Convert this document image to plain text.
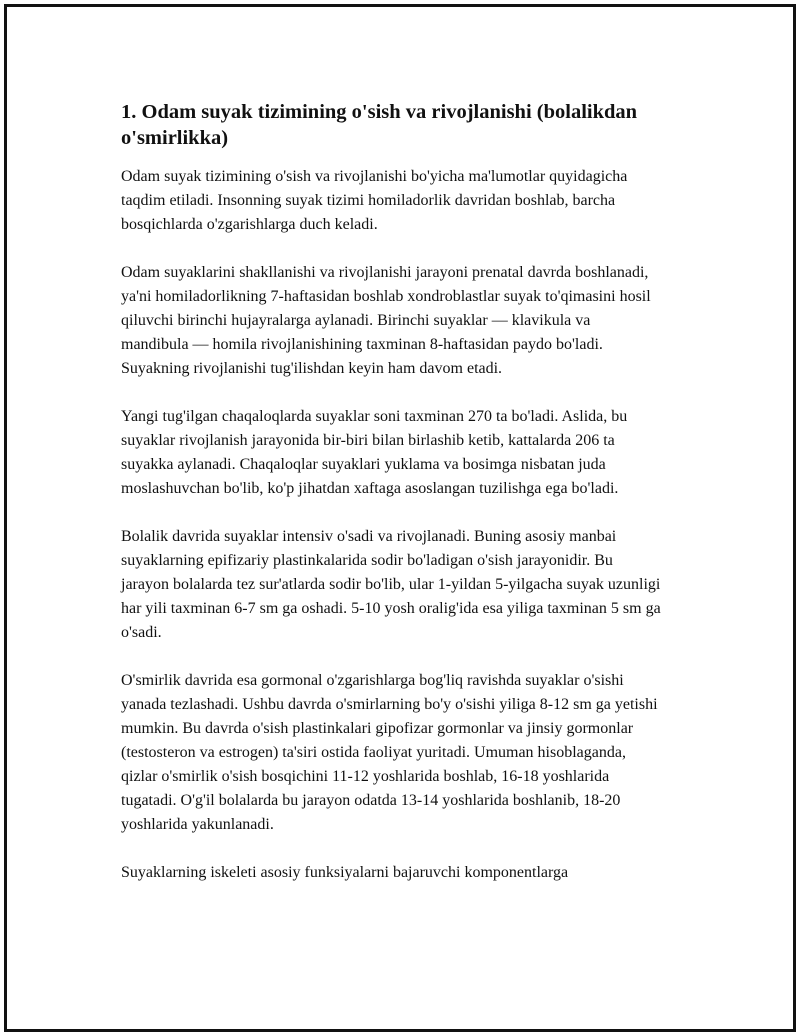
1. Odam suyak tizimining o'sish va rivojlanishi (bolalikdan o'smirlikka)

Odam suyak tizimining o'sish va rivojlanishi bo'yicha ma'lumotlar quyidagicha taqdim etiladi. Insonning suyak tizimi homiladorlik davridan boshlab, barcha bosqichlarda o'zgarishlarga duch keladi.

Odam suyaklarini shakllanishi va rivojlanishi jarayoni prenatal davrda boshlanadi, ya'ni homiladorlikning 7-haftasidan boshlab xondroblastlar suyak to'qimasini hosil qiluvchi birinchi hujayralarga aylanadi. Birinchi suyaklar — klavikula va mandibula — homila rivojlanishining taxminan 8-haftasidan paydo bo'ladi. Suyakning rivojlanishi tug'ilishdan keyin ham davom etadi.

Yangi tug'ilgan chaqaloqlarda suyaklar soni taxminan 270 ta bo'ladi. Aslida, bu suyaklar rivojlanish jarayonida bir-biri bilan birlashib ketib, kattalarda 206 ta suyakka aylanadi. Chaqaloqlar suyaklari yuklama va bosimga nisbatan juda moslashuvchan bo'lib, ko'p jihatdan xaftaga asoslangan tuzilishga ega bo'ladi.

Bolalik davrida suyaklar intensiv o'sadi va rivojlanadi. Buning asosiy manbai suyaklarning epifizariy plastinkalarida sodir bo'ladigan o'sish jarayonidir. Bu jarayon bolalarda tez sur'atlarda sodir bo'lib, ular 1-yildan 5-yilgacha suyak uzunligi har yili taxminan 6-7 sm ga oshadi. 5-10 yosh oralig'ida esa yiliga taxminan 5 sm ga o'sadi.

O'smirlik davrida esa gormonal o'zgarishlarga bog'liq ravishda suyaklar o'sishi yanada tezlashadi. Ushbu davrda o'smirlarning bo'y o'sishi yiliga 8-12 sm ga yetishi mumkin. Bu davrda o'sish plastinkalari gipofizar gormonlar va jinsiy gormonlar (testosteron va estrogen) ta'siri ostida faoliyat yuritadi. Umuman hisoblaganda, qizlar o'smirlik o'sish bosqichini 11-12 yoshlarida boshlab, 16-18 yoshlarida tugatadi. O'g'il bolalarda bu jarayon odatda 13-14 yoshlarida boshlanib, 18-20 yoshlarida yakunlanadi.

Suyaklarning iskeleti asosiy funksiyalarni bajaruvchi komponentlarga
